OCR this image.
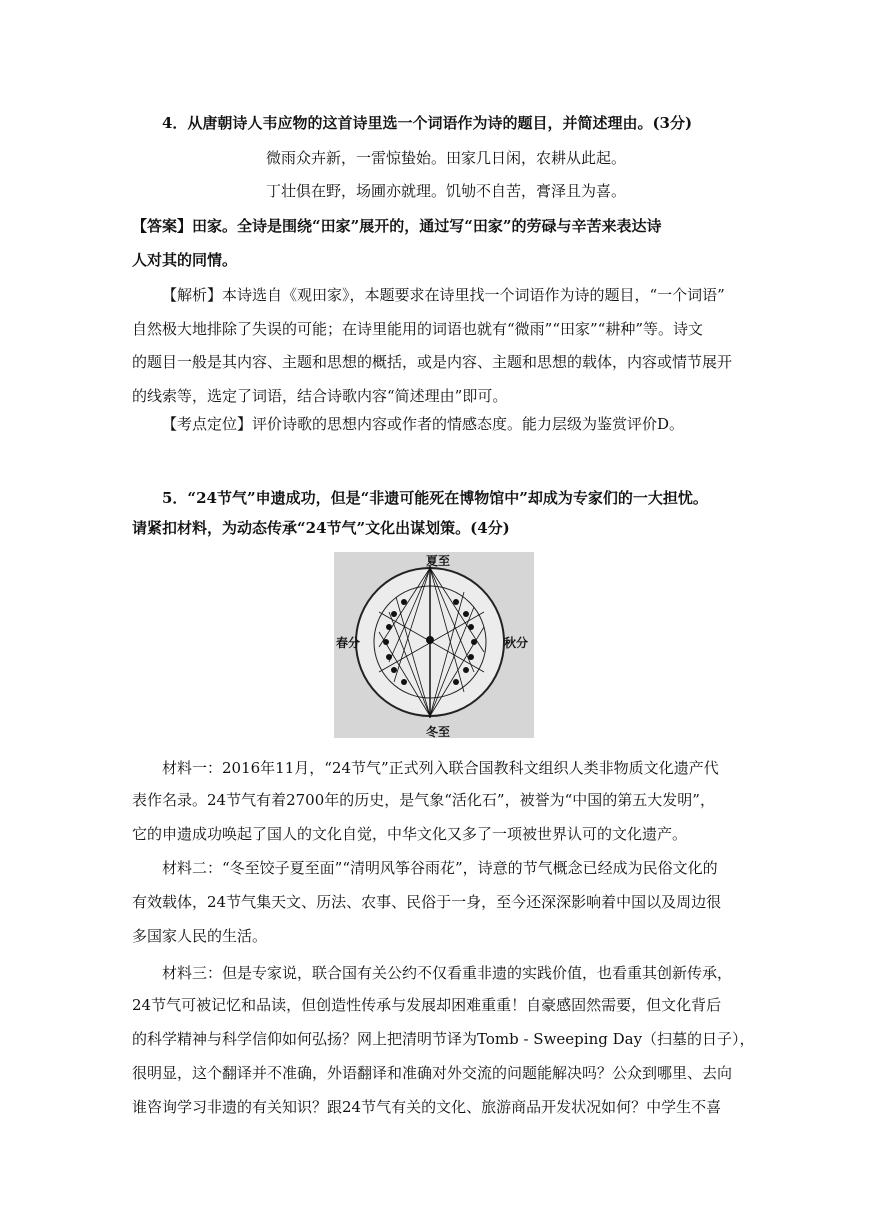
4．从唐朝诗人韦应物的这首诗里选一个词语作为诗的题目，并简述理由。(3分)
微雨众卉新，一雷惊蛰始。田家几日闲，农耕从此起。
丁壮俱在野，场圃亦就理。饥劬不自苦，膏泽且为喜。
【答案】田家。全诗是围绕“田家”展开的，通过写“田家”的劳碌与辛苦来表达诗
人对其的同情。
【解析】本诗选自《观田家》，本题要求在诗里找一个词语作为诗的题目，“一个词语”
自然极大地排除了失误的可能；在诗里能用的词语也就有“微雨”“田家”“耕种”等。诗文
的题目一般是其内容、主题和思想的概括，或是内容、主题和思想的载体，内容或情节展开
的线索等，选定了词语，结合诗歌内容“简述理由”即可。
【考点定位】评价诗歌的思想内容或作者的情感态度。能力层级为鉴赏评价D。
5．“24节气”申遗成功，但是“非遗可能死在博物馆中”却成为专家们的一大担忧。
请紧扣材料，为动态传承“24节气”文化出谋划策。(4分)
夏至
冬至
春分	秋分
材料一：2016年11月，“24节气”正式列入联合国教科文组织人类非物质文化遗产代
表作名录。24节气有着2700年的历史，是气象“活化石”，被誉为“中国的第五大发明”，
它的申遗成功唤起了国人的文化自觉，中华文化又多了一项被世界认可的文化遗产。
材料二：“冬至饺子夏至面”“清明风筝谷雨花”，诗意的节气概念已经成为民俗文化的
有效载体，24节气集天文、历法、农事、民俗于一身，至今还深深影响着中国以及周边很
多国家人民的生活。
材料三：但是专家说，联合国有关公约不仅看重非遗的实践价值，也看重其创新传承，
24节气可被记忆和品读，但创造性传承与发展却困难重重！自豪感固然需要，但文化背后
的科学精神与科学信仰如何弘扬？网上把清明节译为Tomb - Sweeping Day（扫墓的日子），
很明显，这个翻译并不准确，外语翻译和准确对外交流的问题能解决吗？公众到哪里、去向
谁咨询学习非遗的有关知识？跟24节气有关的文化、旅游商品开发状况如何？中学生不喜
